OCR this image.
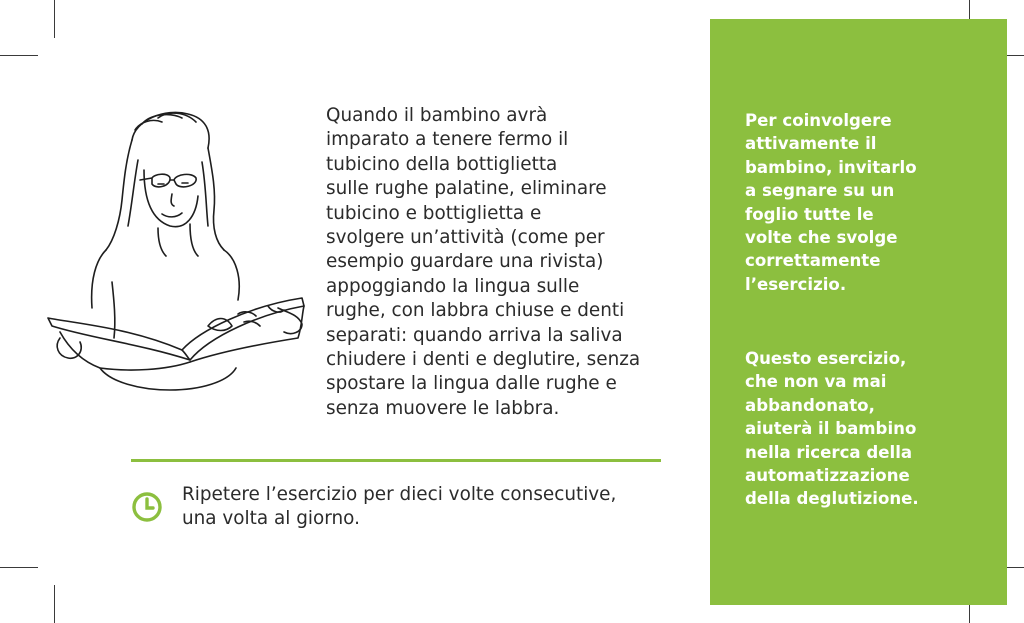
Quando il bambino avrà
imparato a tenere fermo il
tubicino della bottiglietta
sulle rughe palatine, eliminare
tubicino e bottiglietta e
svolgere un’attività (come per
esempio guardare una rivista)
appoggiando la lingua sulle
rughe, con labbra chiuse e denti
separati: quando arriva la saliva
chiudere i denti e deglutire, senza
spostare la lingua dalle rughe e
senza muovere le labbra.

Ripetere l’esercizio per dieci volte consecutive,
una volta al giorno.

Per coinvolgere
attivamente il
bambino, invitarlo
a segnare su un
foglio tutte le
volte che svolge
correttamente
l’esercizio.

Questo esercizio,
che non va mai
abbandonato,
aiuterà il bambino
nella ricerca della
automatizzazione
della deglutizione.
